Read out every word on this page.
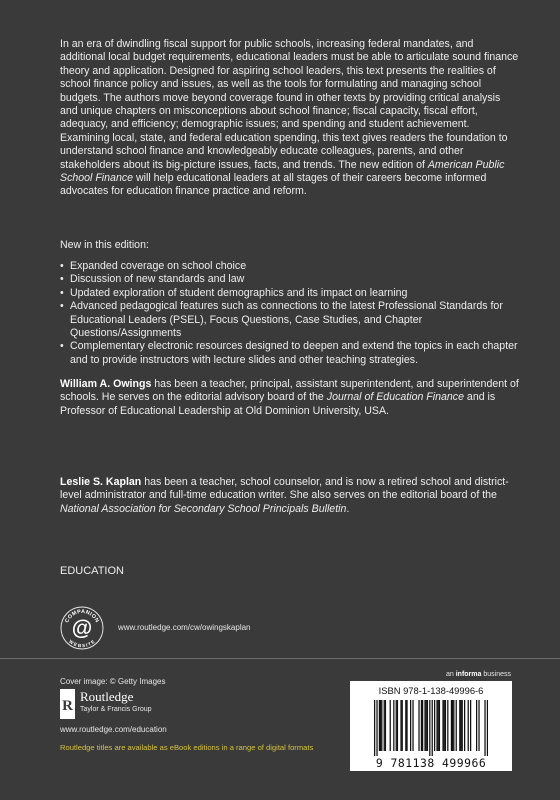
In an era of dwindling fiscal support for public schools, increasing federal mandates, and additional local budget requirements, educational leaders must be able to articulate sound finance theory and application. Designed for aspiring school leaders, this text presents the realities of school finance policy and issues, as well as the tools for formulating and managing school budgets. The authors move beyond coverage found in other texts by providing critical analysis and unique chapters on misconceptions about school finance; fiscal capacity, fiscal effort, adequacy, and efficiency; demographic issues; and spending and student achievement. Examining local, state, and federal education spending, this text gives readers the foundation to understand school finance and knowledgeably educate colleagues, parents, and other stakeholders about its big-picture issues, facts, and trends. The new edition of American Public School Finance will help educational leaders at all stages of their careers become informed advocates for education finance practice and reform.

New in this edition:

• Expanded coverage on school choice
• Discussion of new standards and law
• Updated exploration of student demographics and its impact on learning
• Advanced pedagogical features such as connections to the latest Professional Standards for Educational Leaders (PSEL), Focus Questions, Case Studies, and Chapter Questions/Assignments
• Complementary electronic resources designed to deepen and extend the topics in each chapter and to provide instructors with lecture slides and other teaching strategies.

William A. Owings has been a teacher, principal, assistant superintendent, and superintendent of schools. He serves on the editorial advisory board of the Journal of Education Finance and is Professor of Educational Leadership at Old Dominion University, USA.

Leslie S. Kaplan has been a teacher, school counselor, and is now a retired school and district-level administrator and full-time education writer. She also serves on the editorial board of the National Association for Secondary School Principals Bulletin.

EDUCATION

COMPANION
WEBSITE
@	www.routledge.com/cw/owingskaplan

Cover image: © Getty Images

R

Routledge

Taylor & Francis Group

www.routledge.com/education

Routledge titles are available as eBook editions in a range of digital formats

an informa business

ISBN 978-1-138-49996-6

9 781138 499966
